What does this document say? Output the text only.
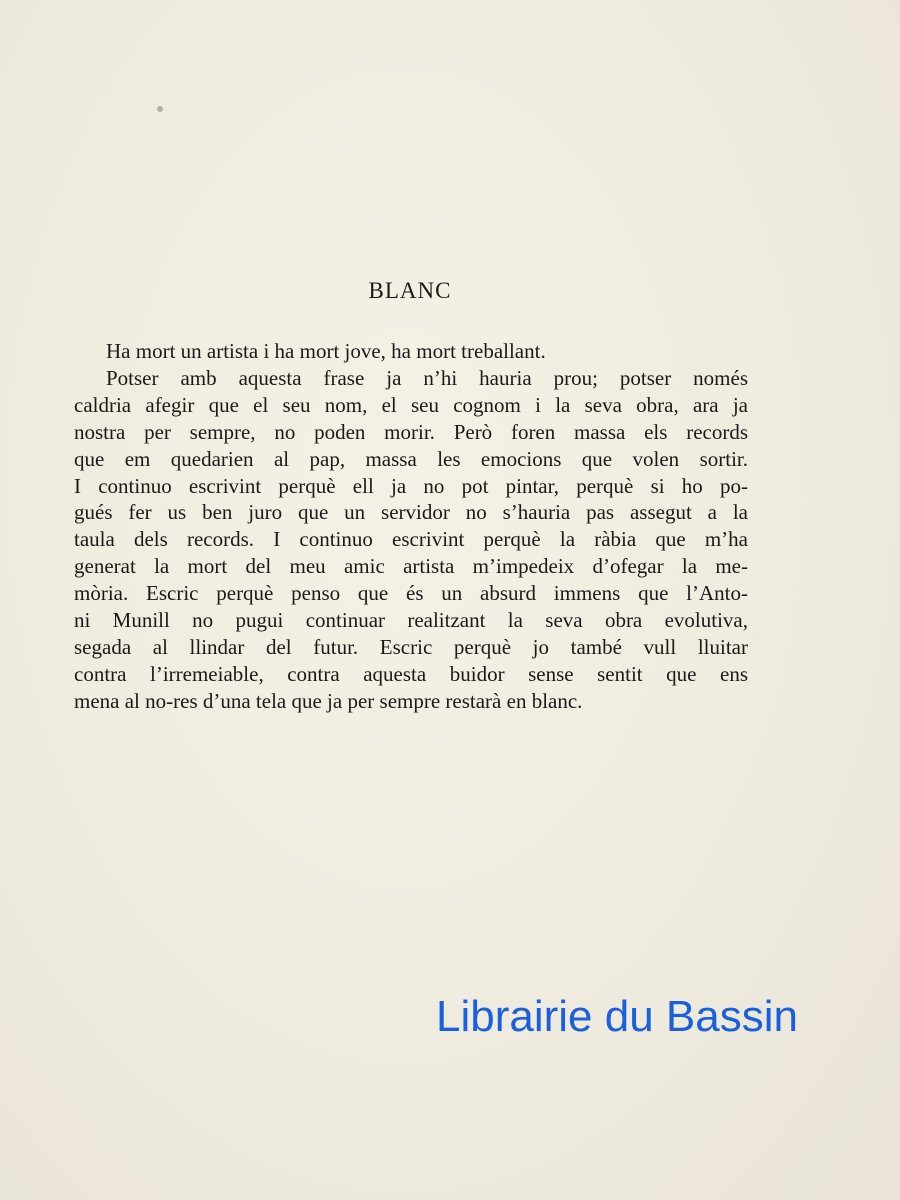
BLANC
Ha mort un artista i ha mort jove, ha mort treballant.
Potser amb aquesta frase ja n’hi hauria prou; potser només
caldria afegir que el seu nom, el seu cognom i la seva obra, ara ja
nostra per sempre, no poden morir. Però foren massa els records
que em quedarien al pap, massa les emocions que volen sortir.
I continuo escrivint perquè ell ja no pot pintar, perquè si ho po-
gués fer us ben juro que un servidor no s’hauria pas assegut a la
taula dels records. I continuo escrivint perquè la ràbia que m’ha
generat la mort del meu amic artista m’impedeix d’ofegar la me-
mòria. Escric perquè penso que és un absurd immens que l’Anto-
ni Munill no pugui continuar realitzant la seva obra evolutiva,
segada al llindar del futur. Escric perquè jo també vull lluitar
contra l’irremeiable, contra aquesta buidor sense sentit que ens
mena al no-res d’una tela que ja per sempre restarà en blanc.
Librairie du Bassin
